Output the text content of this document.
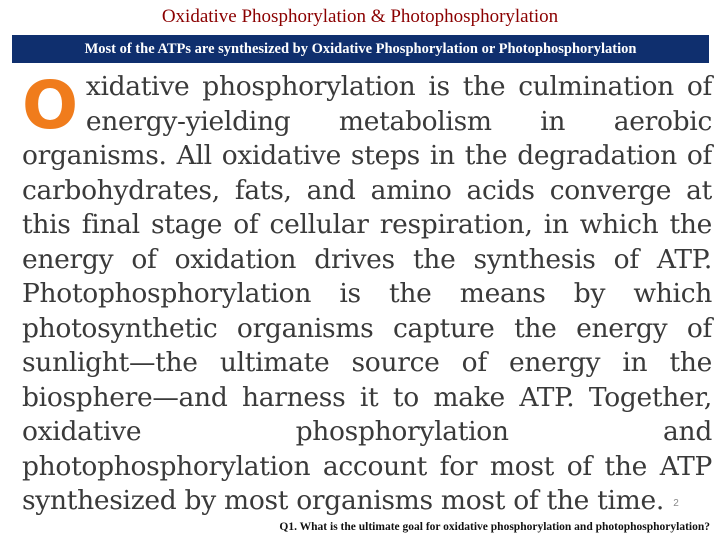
Oxidative Phosphorylation & Photophosphorylation
Most of the ATPs are synthesized by Oxidative Phosphorylation or Photophosphorylation
O xidative phosphorylation is the culmination of energy-yielding metabolism in aerobic organisms. All oxidative steps in the degradation of carbohydrates, fats, and amino acids converge at this final stage of cellular respiration, in which the energy of oxidation drives the synthesis of ATP. Photophosphorylation is the means by which photosynthetic organisms capture the energy of sunlight—the ultimate source of energy in the biosphere—and harness it to make ATP. Together, oxidative phosphorylation and photophosphorylation account for most of the ATP synthesized by most organisms most of the time. 2
Q1. What is the ultimate goal for oxidative phosphorylation and photophosphorylation?
